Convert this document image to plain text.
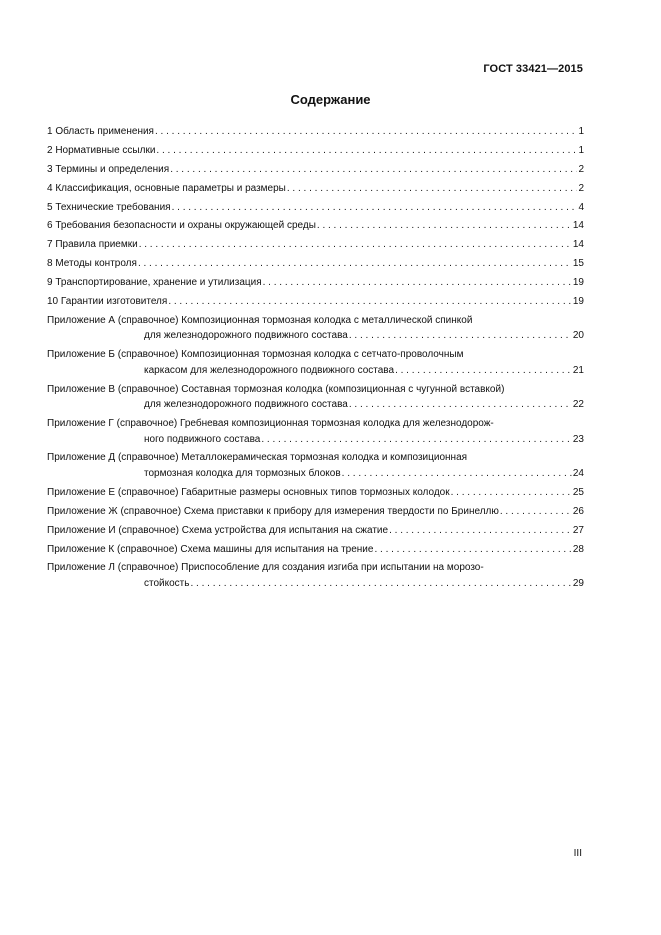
ГОСТ 33421—2015
Содержание
1 Область применения . . .	1
2 Нормативные ссылки . . .	1
3 Термины и определения . . .	2
4 Классификация, основные параметры и размеры . . .	2
5 Технические требования . . .	4
6 Требования безопасности и охраны окружающей среды . . .	14
7 Правила приемки . . .	14
8 Методы контроля . . .	15
9 Транспортирование, хранение и утилизация . . .	19
10 Гарантии изготовителя . . .	19
Приложение А (справочное) Композиционная тормозная колодка с металлической спинкой
для железнодорожного подвижного состава . . .	20
Приложение Б (справочное) Композиционная тормозная колодка с сетчато-проволочным
каркасом для железнодорожного подвижного состава . . .	21
Приложение В (справочное) Составная тормозная колодка (композиционная с чугунной вставкой)
для железнодорожного подвижного состава . . .	22
Приложение Г (справочное) Гребневая композиционная тормозная колодка для железнодорож-
ного подвижного состава . . .	23
Приложение Д (справочное) Металлокерамическая тормозная колодка и композиционная
тормозная колодка для тормозных блоков . . .	24
Приложение Е (справочное) Габаритные размеры основных типов тормозных колодок . . .	25
Приложение Ж (справочное) Схема приставки к прибору для измерения твердости по Бринеллю . . .	26
Приложение И (справочное) Схема устройства для испытания на сжатие . . .	27
Приложение К (справочное) Схема машины для испытания на трение . . .	28
Приложение Л (справочное) Приспособление для создания изгиба при испытании на морозо-
стойкость . . .	29
III
